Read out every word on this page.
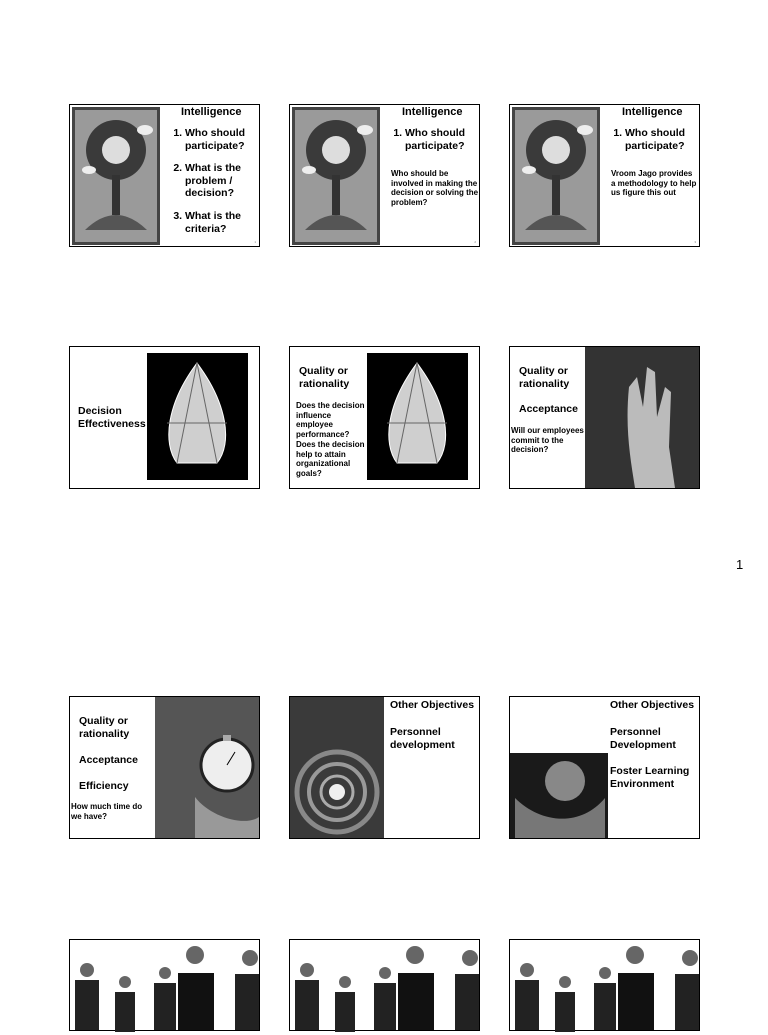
Intelligence
1. Who should participate?
2. What is the problem / decision?
3. What is the criteria?
1
Intelligence
1. Who should participate?
Who should be involved in making the decision or solving the problem?
2
Intelligence
1. Who should participate?
Vroom Jago provides a methodology to help us figure this out
3
Decision Effectiveness
Quality or rationality
Does the decision influence employee performance?
Does the decision help to attain organizational goals?
Quality or rationality
Acceptance
Will our employees commit to the decision?
1
Quality or rationality
Acceptance
Efficiency
How much time do we have?
Other Objectives
Personnel development
Other Objectives
Personnel Development
Foster Learning Environment
